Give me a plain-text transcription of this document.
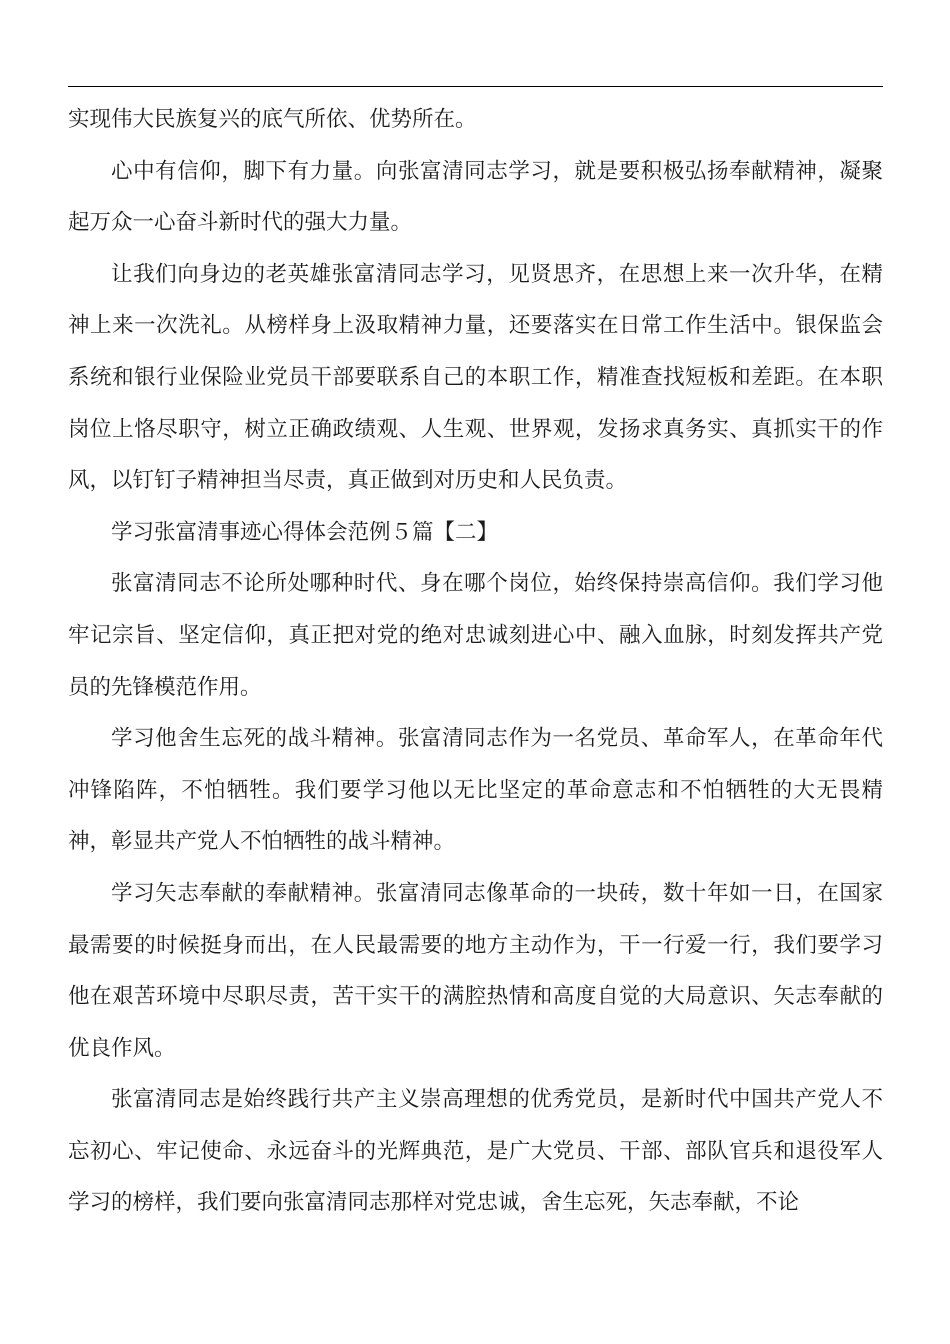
实现伟大民族复兴的底气所依、优势所在。

心中有信仰，脚下有力量。向张富清同志学习，就是要积极弘扬奉献精神，凝聚起万众一心奋斗新时代的强大力量。

让我们向身边的老英雄张富清同志学习，见贤思齐，在思想上来一次升华，在精神上来一次洗礼。从榜样身上汲取精神力量，还要落实在日常工作生活中。银保监会系统和银行业保险业党员干部要联系自己的本职工作，精准查找短板和差距。在本职岗位上恪尽职守，树立正确政绩观、人生观、世界观，发扬求真务实、真抓实干的作风，以钉钉子精神担当尽责，真正做到对历史和人民负责。

学习张富清事迹心得体会范例５篇【二】

张富清同志不论所处哪种时代、身在哪个岗位，始终保持崇高信仰。我们学习他牢记宗旨、坚定信仰，真正把对党的绝对忠诚刻进心中、融入血脉，时刻发挥共产党员的先锋模范作用。

学习他舍生忘死的战斗精神。张富清同志作为一名党员、革命军人，在革命年代冲锋陷阵，不怕牺牲。我们要学习他以无比坚定的革命意志和不怕牺牲的大无畏精神，彰显共产党人不怕牺牲的战斗精神。

学习矢志奉献的奉献精神。张富清同志像革命的一块砖，数十年如一日，在国家最需要的时候挺身而出，在人民最需要的地方主动作为，干一行爱一行，我们要学习他在艰苦环境中尽职尽责，苦干实干的满腔热情和高度自觉的大局意识、矢志奉献的优良作风。

张富清同志是始终践行共产主义崇高理想的优秀党员，是新时代中国共产党人不忘初心、牢记使命、永远奋斗的光辉典范，是广大党员、干部、部队官兵和退役军人学习的榜样，我们要向张富清同志那样对党忠诚，舍生忘死，矢志奉献，不论
